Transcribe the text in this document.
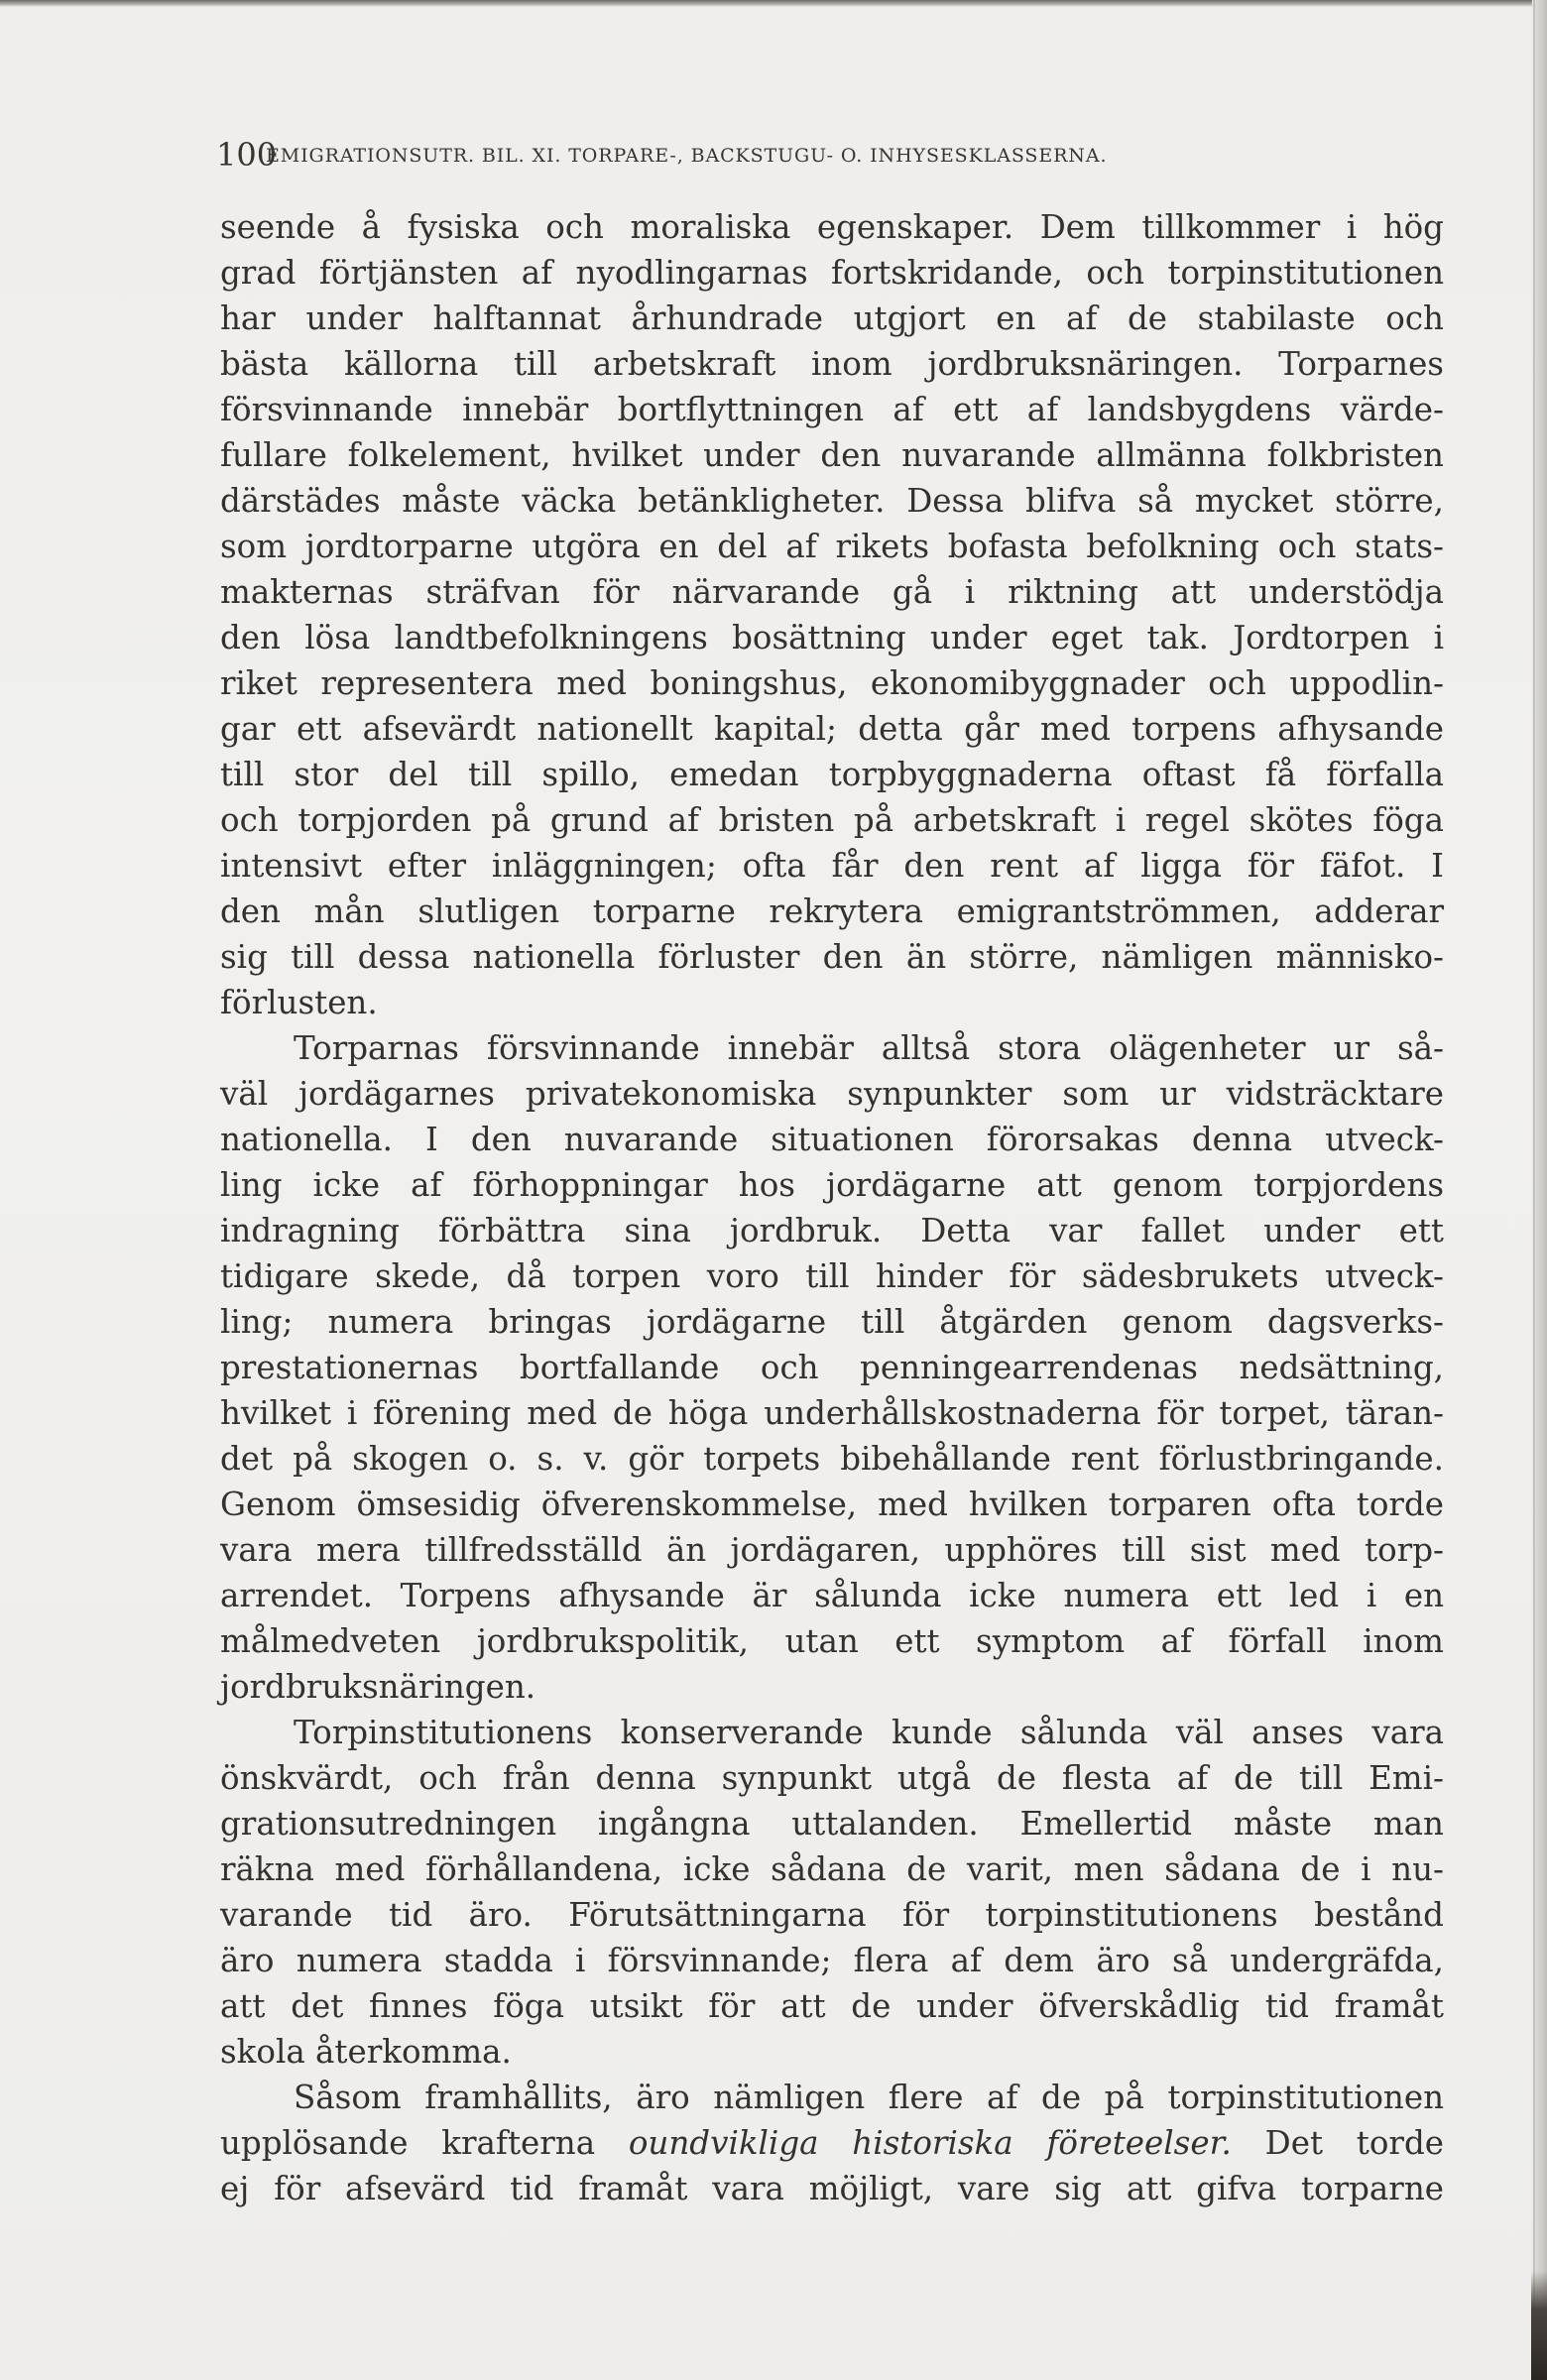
100
EMIGRATIONSUTR. BIL. XI. TORPARE-, BACKSTUGU- O. INHYSESKLASSERNA.
seende å fysiska och moraliska egenskaper. Dem tillkommer i hög
grad förtjänsten af nyodlingarnas fortskridande, och torpinstitutionen
har under halftannat århundrade utgjort en af de stabilaste och
bästa källorna till arbetskraft inom jordbruksnäringen. Torparnes
försvinnande innebär bortflyttningen af ett af landsbygdens värde-
fullare folkelement, hvilket under den nuvarande allmänna folkbristen
därstädes måste väcka betänkligheter. Dessa blifva så mycket större,
som jordtorparne utgöra en del af rikets bofasta befolkning och stats-
makternas sträfvan för närvarande gå i riktning att understödja
den lösa landtbefolkningens bosättning under eget tak. Jordtorpen i
riket representera med boningshus, ekonomibyggnader och uppodlin-
gar ett afsevärdt nationellt kapital; detta går med torpens afhysande
till stor del till spillo, emedan torpbyggnaderna oftast få förfalla
och torpjorden på grund af bristen på arbetskraft i regel skötes föga
intensivt efter inläggningen; ofta får den rent af ligga för fäfot. I
den mån slutligen torparne rekrytera emigrantströmmen, adderar
sig till dessa nationella förluster den än större, nämligen människo-
förlusten.
Torparnas försvinnande innebär alltså stora olägenheter ur så-
väl jordägarnes privatekonomiska synpunkter som ur vidsträcktare
nationella. I den nuvarande situationen förorsakas denna utveck-
ling icke af förhoppningar hos jordägarne att genom torpjordens
indragning förbättra sina jordbruk. Detta var fallet under ett
tidigare skede, då torpen voro till hinder för sädesbrukets utveck-
ling; numera bringas jordägarne till åtgärden genom dagsverks-
prestationernas bortfallande och penningearrendenas nedsättning,
hvilket i förening med de höga underhållskostnaderna för torpet, täran-
det på skogen o. s. v. gör torpets bibehållande rent förlustbringande.
Genom ömsesidig öfverenskommelse, med hvilken torparen ofta torde
vara mera tillfredsställd än jordägaren, upphöres till sist med torp-
arrendet. Torpens afhysande är sålunda icke numera ett led i en
målmedveten jordbrukspolitik, utan ett symptom af förfall inom
jordbruksnäringen.
Torpinstitutionens konserverande kunde sålunda väl anses vara
önskvärdt, och från denna synpunkt utgå de flesta af de till Emi-
grationsutredningen ingångna uttalanden. Emellertid måste man
räkna med förhållandena, icke sådana de varit, men sådana de i nu-
varande tid äro. Förutsättningarna för torpinstitutionens bestånd
äro numera stadda i försvinnande; flera af dem äro så undergräfda,
att det finnes föga utsikt för att de under öfverskådlig tid framåt
skola återkomma.
Såsom framhållits, äro nämligen flere af de på torpinstitutionen
upplösande krafterna oundvikliga historiska företeelser. Det torde
ej för afsevärd tid framåt vara möjligt, vare sig att gifva torparne
